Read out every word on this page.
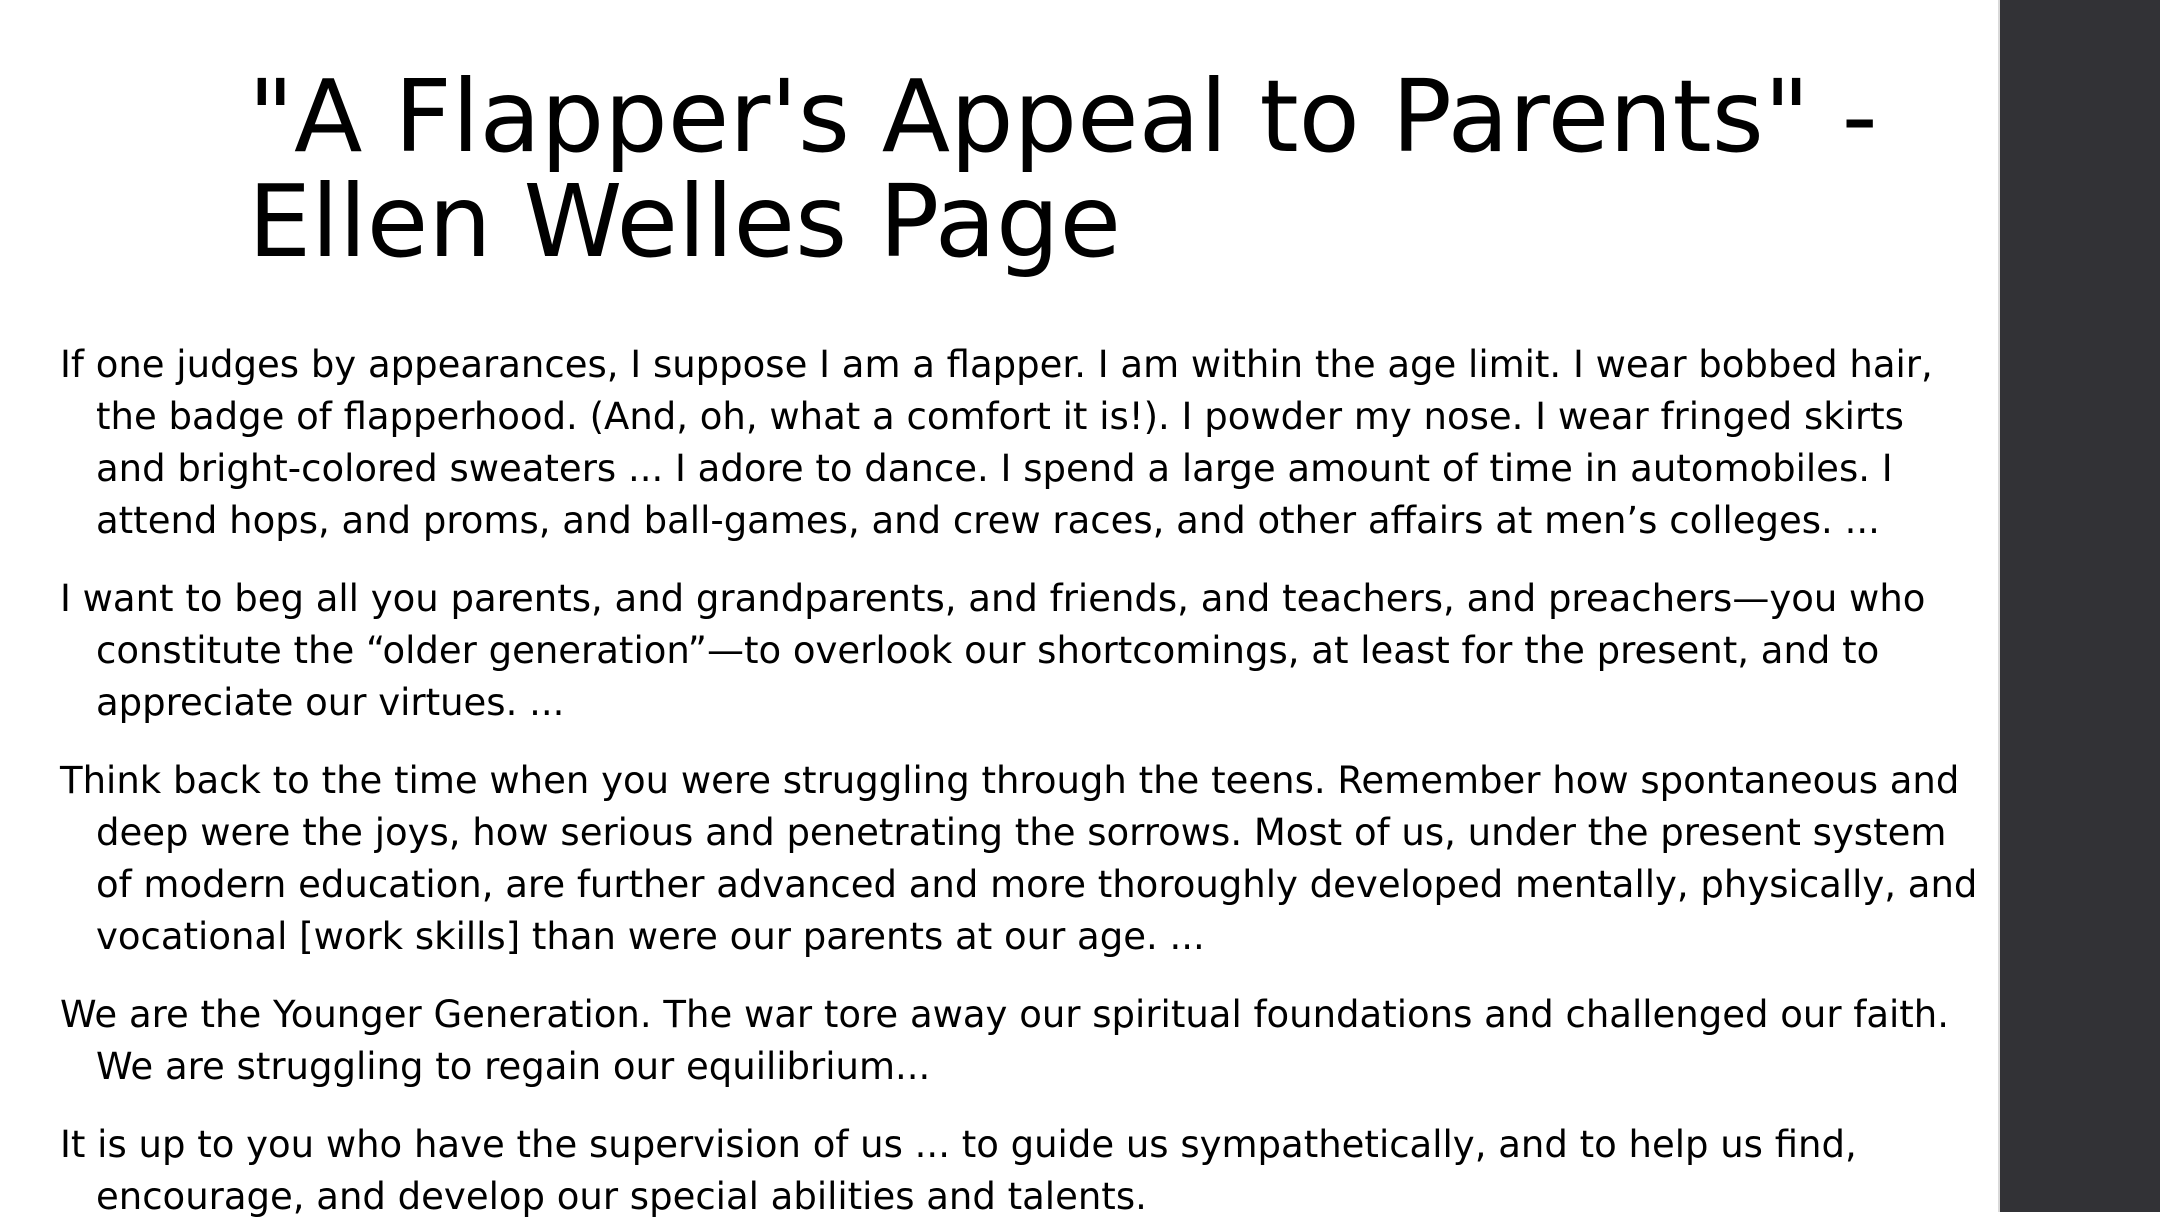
"A Flapper's Appeal to Parents" -
Ellen Welles Page

If one judges by appearances, I suppose I am a flapper. I am within the age limit. I wear bobbed hair, the badge of flapperhood. (And, oh, what a comfort it is!). I powder my nose. I wear fringed skirts and bright-colored sweaters ... I adore to dance. I spend a large amount of time in automobiles. I attend hops, and proms, and ball-games, and crew races, and other affairs at men’s colleges. ...

I want to beg all you parents, and grandparents, and friends, and teachers, and preachers—you who constitute the “older generation”—to overlook our shortcomings, at least for the present, and to appreciate our virtues. ...

Think back to the time when you were struggling through the teens. Remember how spontaneous and deep were the joys, how serious and penetrating the sorrows. Most of us, under the present system of modern education, are further advanced and more thoroughly developed mentally, physically, and vocational [work skills] than were our parents at our age. ...

We are the Younger Generation. The war tore away our spiritual foundations and challenged our faith. We are struggling to regain our equilibrium...

It is up to you who have the supervision of us ... to guide us sympathetically, and to help us find, encourage, and develop our special abilities and talents.
